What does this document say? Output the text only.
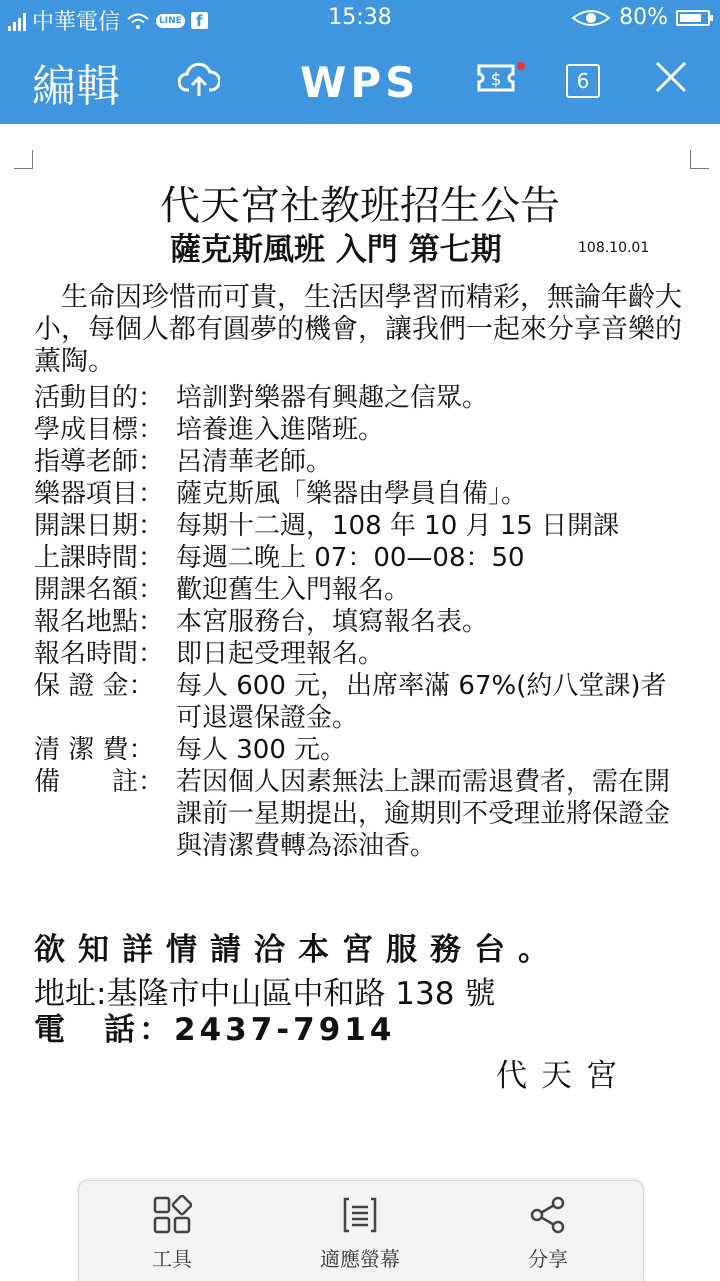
中華電信	LINE f	15:38	80%
編輯	WPS	$	6
代天宮社教班招生公告
薩克斯風班 入門 第七期	108.10.01
　生命因珍惜而可貴，生活因學習而精彩，無論年齡大小，每個人都有圓夢的機會，讓我們一起來分享音樂的薰陶。
活動目的： 培訓對樂器有興趣之信眾。
學成目標： 培養進入進階班。
指導老師： 呂清華老師。
樂器項目： 薩克斯風「樂器由學員自備」。
開課日期： 每期十二週，108 年 10 月 15 日開課
上課時間： 每週二晚上 07：00—08：50
開課名額： 歡迎舊生入門報名。
報名地點： 本宮服務台，填寫報名表。
報名時間： 即日起受理報名。
保 證 金： 每人 600 元，出席率滿 67%(約八堂課)者可退還保證金。
清 潔 費： 每人 300 元。
備　　註： 若因個人因素無法上課而需退費者，需在開課前一星期提出，逾期則不受理並將保證金與清潔費轉為添油香。
欲知詳情請洽本宮服務台。
地址:基隆市中山區中和路 138 號
電　話：2437-7914
代天宮
工具	適應螢幕	分享
